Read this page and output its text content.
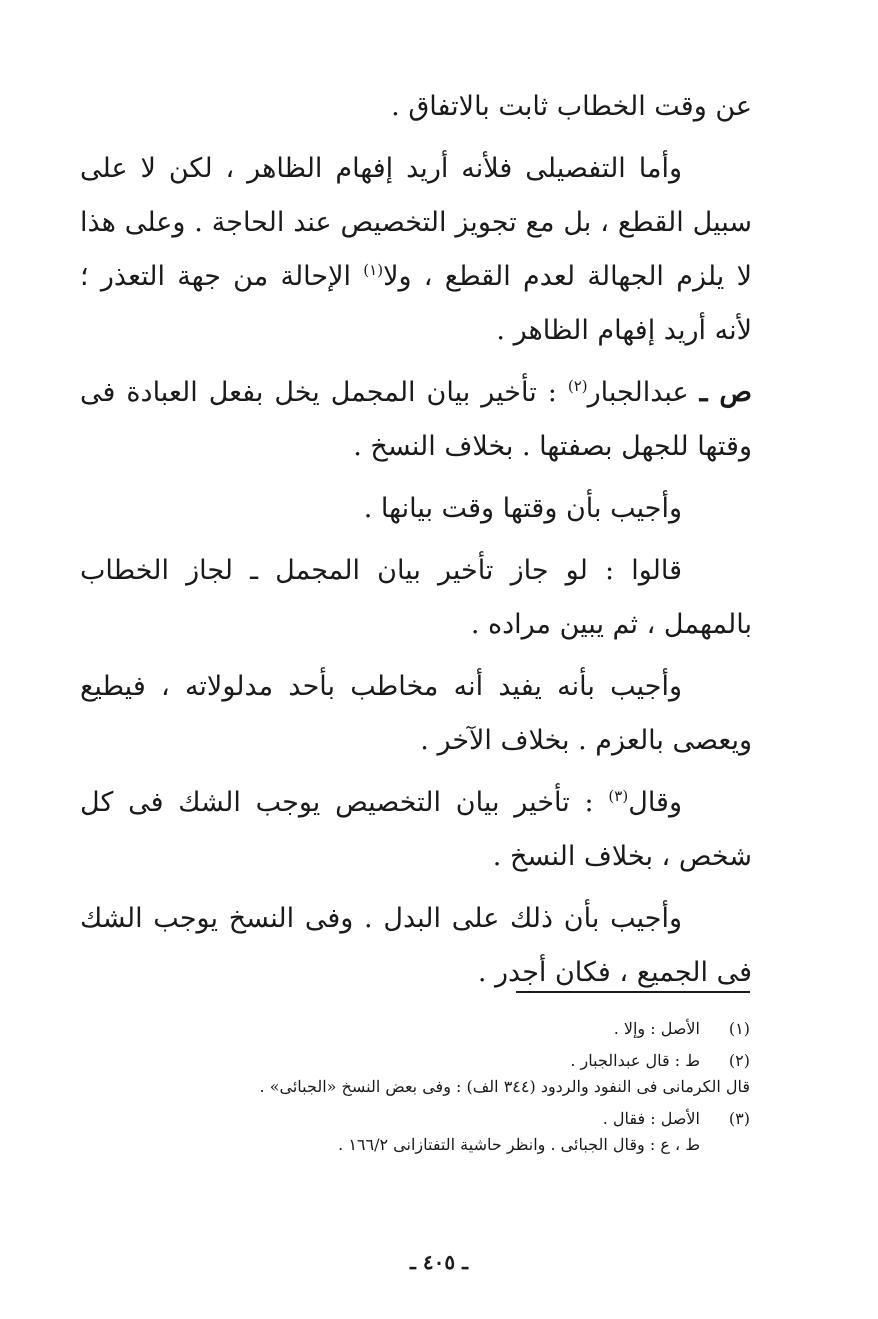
عن وقت الخطاب ثابت بالاتفاق .

وأما التفصيلى فلأنه أريد إفهام الظاهر ، لكن لا على سبيل القطع ، بل مع تجويز التخصيص عند الحاجة . وعلى هذا لا يلزم الجهالة لعدم القطع ، ولا$^{(١)}$ الإحالة من جهة التعذر ؛ لأنه أريد إفهام الظاهر .

ص ـ عبدالجبار$^{(٢)}$ : تأخير بيان المجمل يخل بفعل العبادة فى وقتها للجهل بصفتها . بخلاف النسخ .

وأجيب بأن وقتها وقت بيانها .

قالوا : لو جاز تأخير بيان المجمل ـ لجاز الخطاب بالمهمل ، ثم يبين مراده .

وأجيب بأنه يفيد أنه مخاطب بأحد مدلولاته ، فيطيع ويعصى بالعزم . بخلاف الآخر .

وقال$^{(٣)}$ : تأخير بيان التخصيص يوجب الشك فى كل شخص ، بخلاف النسخ .

وأجيب بأن ذلك على البدل . وفى النسخ يوجب الشك فى الجميع ، فكان أجدر .

(١)
الأصل : وإلا .
(٢)
ط : قال عبدالجبار .
قال الكرمانى فى النفود والردود (٣٤٤ الف) : وفى بعض النسخ «الجبائى» .
(٣)
الأصل : فقال .
ط ، ع : وقال الجبائى . وانظر حاشية التفتازانى ١٦٦/٢ .
ـ ٤٠٥ ـ
